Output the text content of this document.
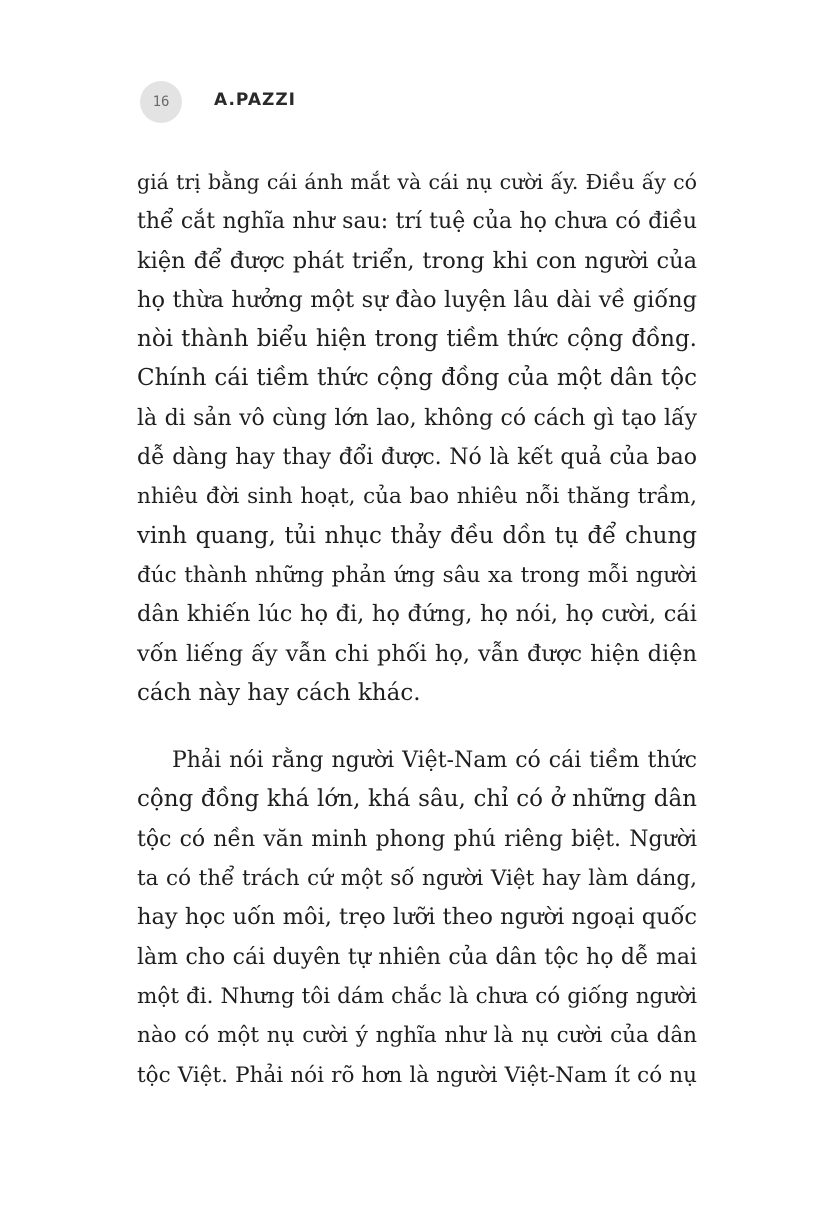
16	A.PAZZI
giá trị bằng cái ánh mắt và cái nụ cười ấy. Điều ấy có
thể cắt nghĩa như sau: trí tuệ của họ chưa có điều
kiện để được phát triển, trong khi con người của
họ thừa hưởng một sự đào luyện lâu dài về giống
nòi thành biểu hiện trong tiềm thức cộng đồng.
Chính cái tiềm thức cộng đồng của một dân tộc
là di sản vô cùng lớn lao, không có cách gì tạo lấy
dễ dàng hay thay đổi được. Nó là kết quả của bao
nhiêu đời sinh hoạt, của bao nhiêu nỗi thăng trầm,
vinh quang, tủi nhục thảy đều dồn tụ để chung
đúc thành những phản ứng sâu xa trong mỗi người
dân khiến lúc họ đi, họ đứng, họ nói, họ cười, cái
vốn liếng ấy vẫn chi phối họ, vẫn được hiện diện
cách này hay cách khác.
Phải nói rằng người Việt-Nam có cái tiềm thức
cộng đồng khá lớn, khá sâu, chỉ có ở những dân
tộc có nền văn minh phong phú riêng biệt. Người
ta có thể trách cứ một số người Việt hay làm dáng,
hay học uốn môi, trẹo lưỡi theo người ngoại quốc
làm cho cái duyên tự nhiên của dân tộc họ dễ mai
một đi. Nhưng tôi dám chắc là chưa có giống người
nào có một nụ cười ý nghĩa như là nụ cười của dân
tộc Việt. Phải nói rõ hơn là người Việt-Nam ít có nụ
